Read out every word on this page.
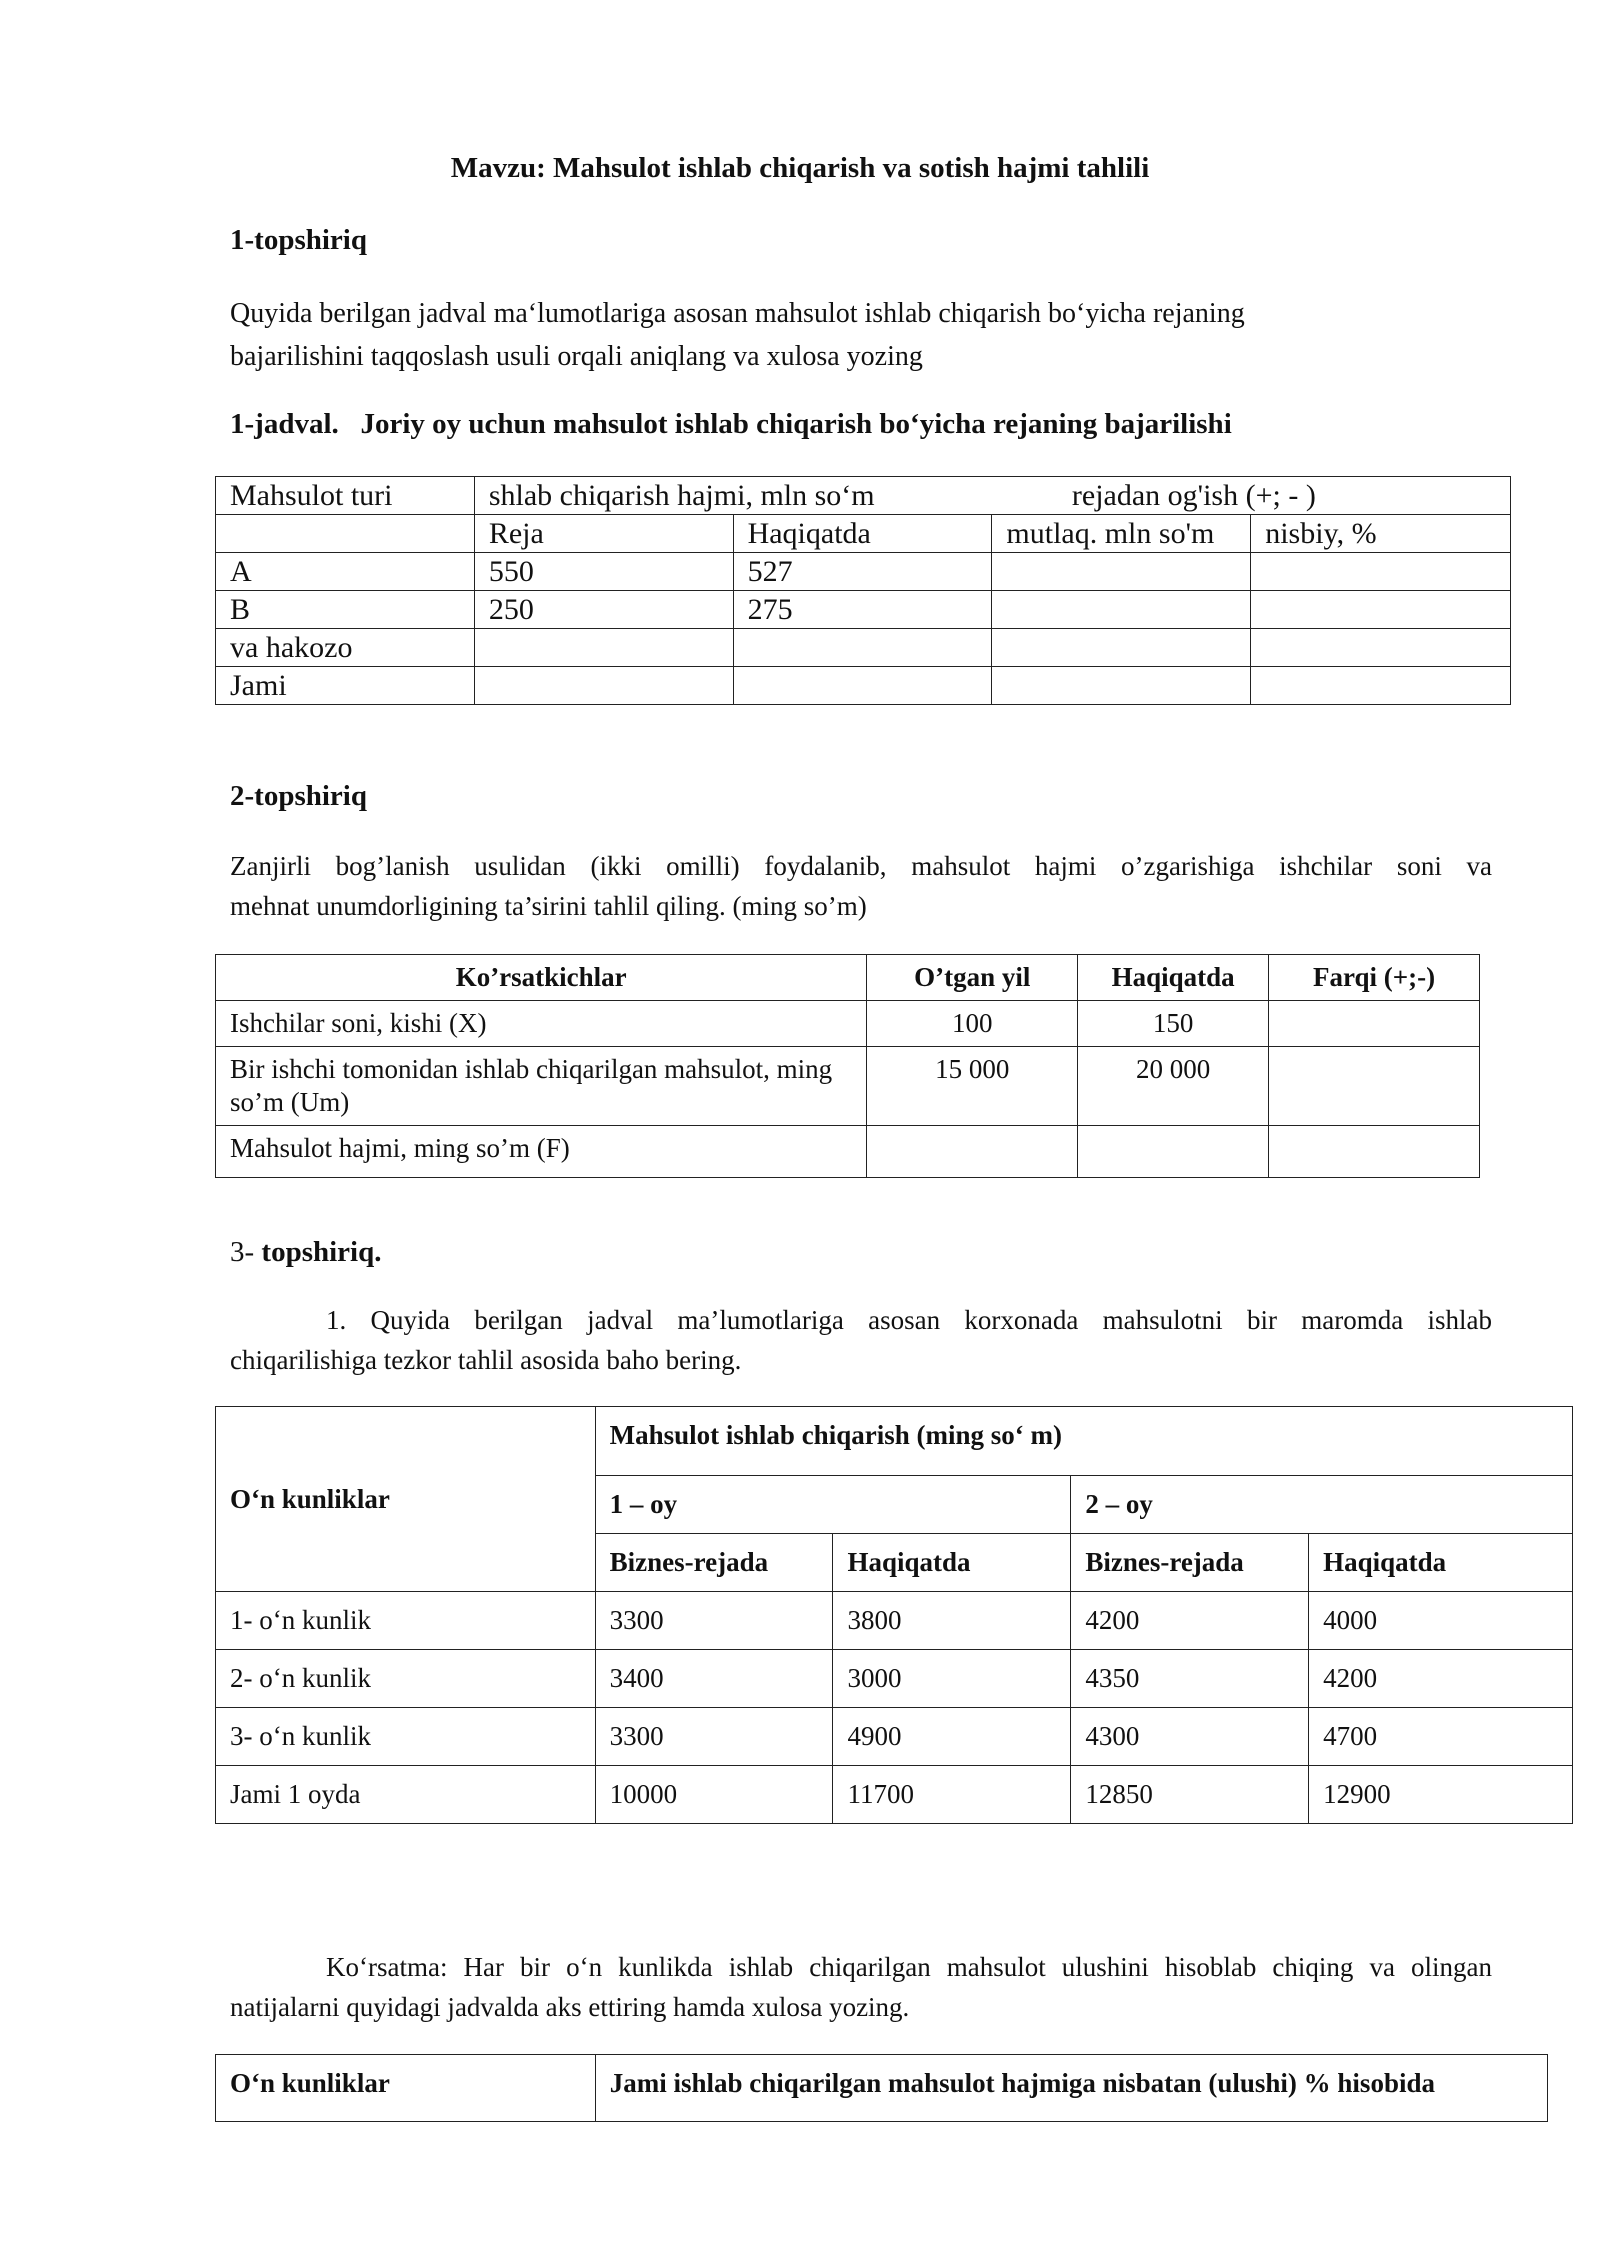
Mavzu: Mahsulot ishlab chiqarish va sotish hajmi tahlili
1-topshiriq
Quyida berilgan jadval maʻlumotlariga asosan mahsulot ishlab chiqarish boʻyicha rejaning
bajarilishini taqqoslash usuli orqali aniqlang va xulosa yozing
1-jadval.   Joriy oy uchun mahsulot ishlab chiqarish boʻyicha rejaning bajarilishi
Mahsulot turi	shlab chiqarish hajmi, mln soʻm		rejadan og'ish (+; - )	
	Reja	Haqiqatda	mutlaq. mln so'm	nisbiy, %
A	550	527		
B	250	275		
va hakozo				
Jami				
2-topshiriq
Zanjirli bog’lanish usulidan (ikki omilli) foydalanib, mahsulot hajmi o’zgarishiga ishchilar soni va
mehnat unumdorligining ta’sirini tahlil qiling. (ming so’m)
Ko’rsatkichlar	O’tgan yil	Haqiqatda	Farqi (+;-)
Ishchilar soni, kishi (X)	100	150	
Bir ishchi tomonidan ishlab chiqarilgan mahsulot, ming so’m (Um)	15 000	20 000	
Mahsulot hajmi, ming so’m (F)			
3- topshiriq.
1. Quyida berilgan jadval ma’lumotlariga asosan korxonada mahsulotni bir maromda ishlab
chiqarilishiga tezkor tahlil asosida baho bering.
Oʻn kunliklar	Mahsulot ishlab chiqarish (ming soʻ m)			
	1 – oy		2 – oy	
	Biznes-rejada	Haqiqatda	Biznes-rejada	Haqiqatda
1- oʻn kunlik	3300	3800	4200	4000
2- oʻn kunlik	3400	3000	4350	4200
3- oʻn kunlik	3300	4900	4300	4700
Jami 1 oyda	10000	11700	12850	12900
Koʻrsatma: Har bir oʻn kunlikda ishlab chiqarilgan mahsulot ulushini hisoblab chiqing va olingan
natijalarni quyidagi jadvalda aks ettiring hamda xulosa yozing.
Oʻn kunliklar	Jami ishlab chiqarilgan mahsulot hajmiga nisbatan (ulushi) % hisobida
